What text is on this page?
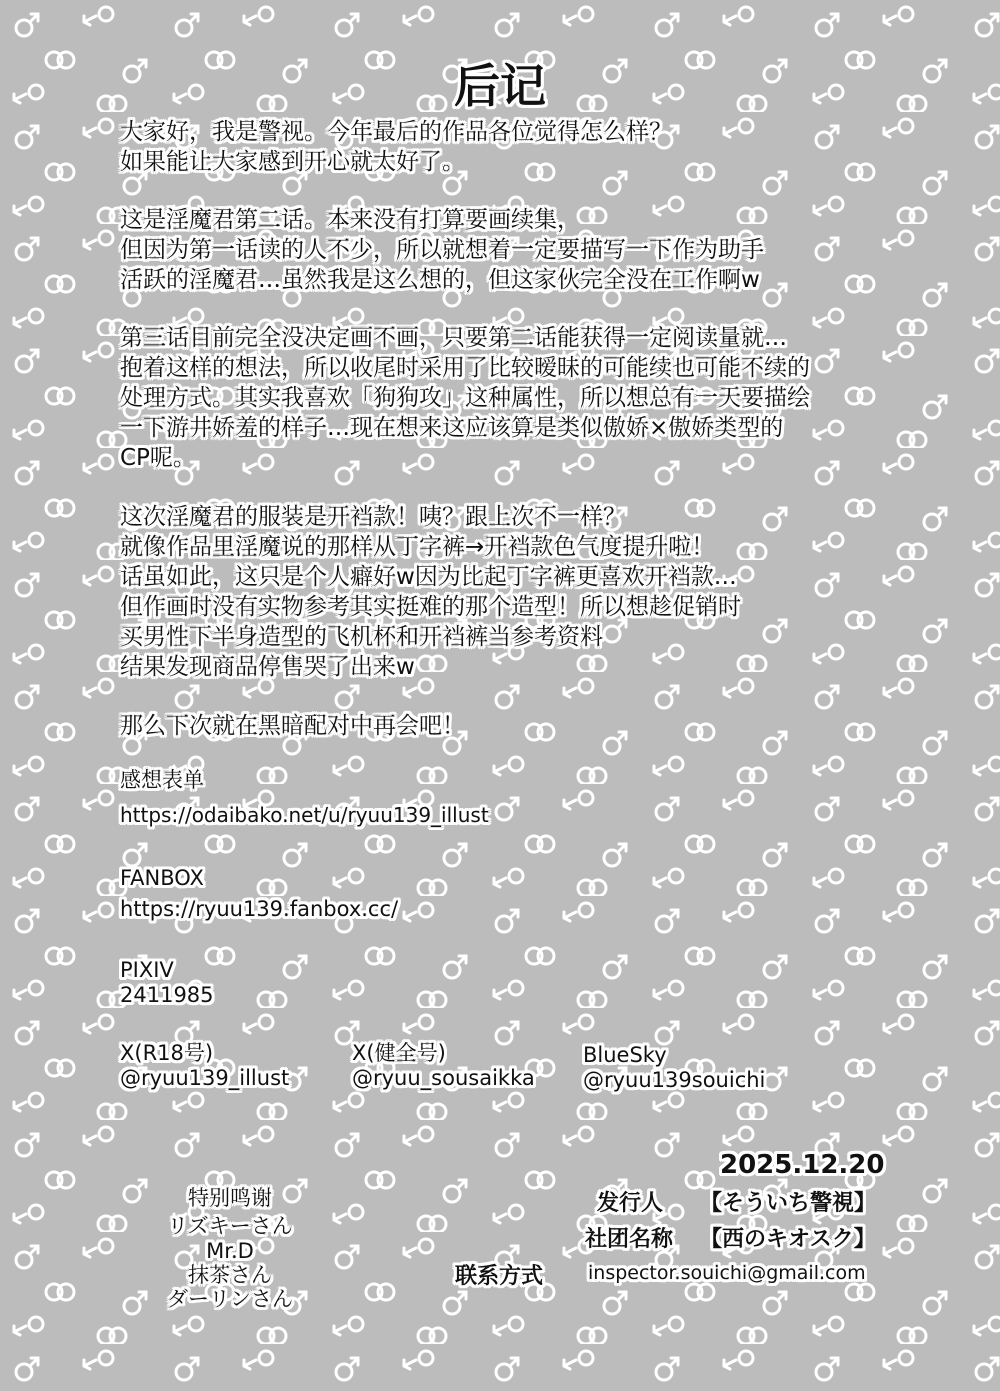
后记

大家好，我是警视。今年最后的作品各位觉得怎么样？
如果能让大家感到开心就太好了。

这是淫魔君第二话。本来没有打算要画续集，
但因为第一话读的人不少，所以就想着一定要描写一下作为助手
活跃的淫魔君…虽然我是这么想的，但这家伙完全没在工作啊w

第三话目前完全没决定画不画，只要第二话能获得一定阅读量就…
抱着这样的想法，所以收尾时采用了比较暧昧的可能续也可能不续的
处理方式。其实我喜欢「狗狗攻」这种属性，所以想总有一天要描绘
一下游井娇羞的样子…现在想来这应该算是类似傲娇×傲娇类型的
CP呢。

这次淫魔君的服装是开裆款！咦？跟上次不一样？
就像作品里淫魔说的那样从丁字裤→开裆款色气度提升啦！
话虽如此，这只是个人癖好w因为比起丁字裤更喜欢开裆款…
但作画时没有实物参考其实挺难的那个造型！所以想趁促销时
买男性下半身造型的飞机杯和开裆裤当参考资料
结果发现商品停售哭了出来w

那么下次就在黑暗配对中再会吧！

感想表单
https://odaibako.net/u/ryuu139_illust
FANBOX
https://ryuu139.fanbox.cc/
PIXIV
2411985
X(R18号)
@ryuu139_illust
X(健全号)
@ryuu_sousaikka
BlueSky
@ryuu139souichi
特别鸣谢
リズキーさん
Mr.D
抹茶さん
ダーリンさん
2025.12.20
发行人 【そういち警視】
社团名称 【西のキオスク】
联系方式 inspector.souichi@gmail.com
